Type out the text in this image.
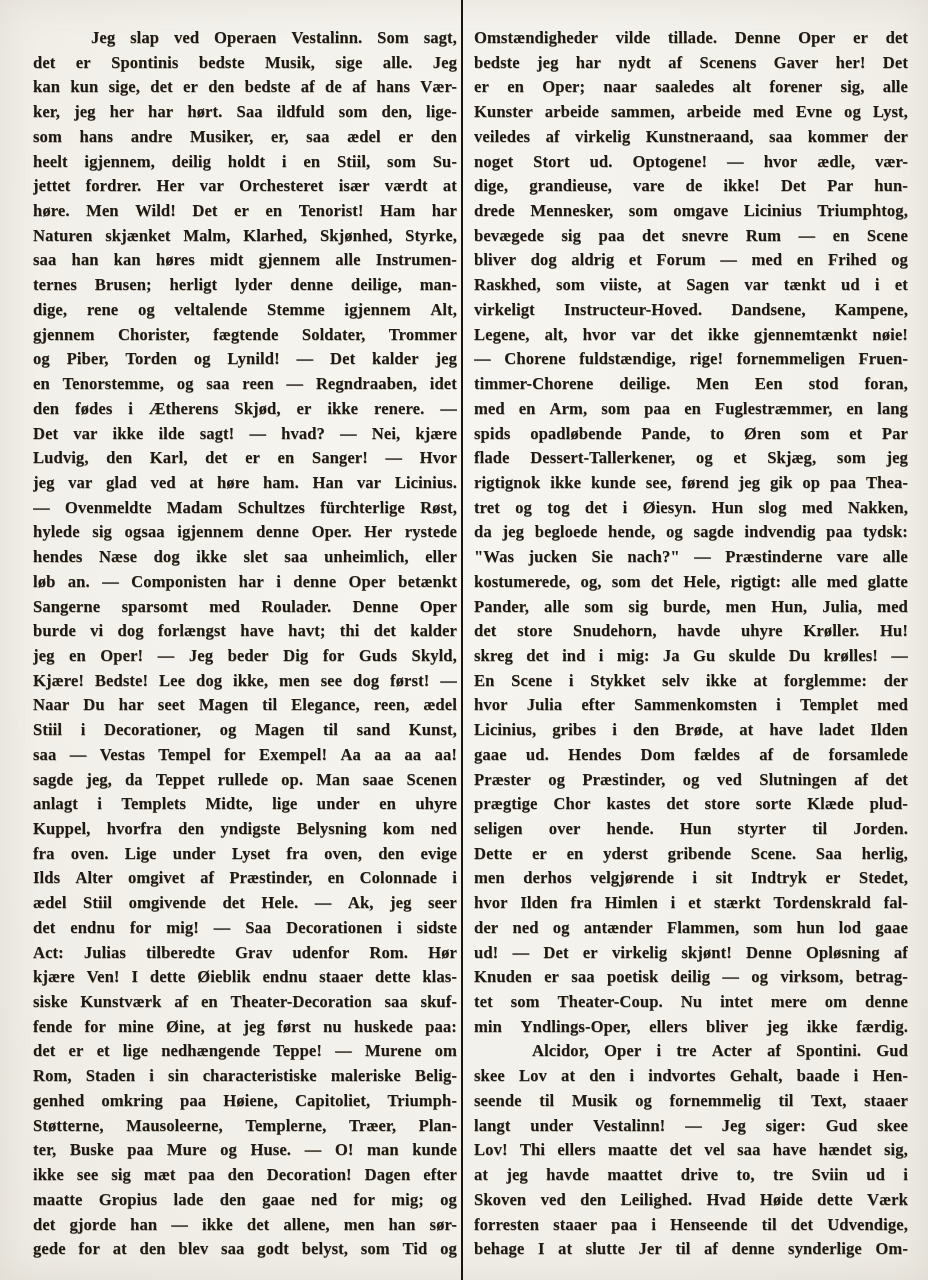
Jeg slap ved Operaen Vestalinn. Som sagt,
det er Spontinis bedste Musik, sige alle. Jeg
kan kun sige, det er den bedste af de af hans Vær-
ker, jeg her har hørt. Saa ildfuld som den, lige-
som hans andre Musiker, er, saa ædel er den
heelt igjennem, deilig holdt i en Stiil, som Su-
jettet fordrer. Her var Orchesteret især værdt at
høre. Men Wild! Det er en Tenorist! Ham har
Naturen skjænket Malm, Klarhed, Skjønhed, Styrke,
saa han kan høres midt gjennem alle Instrumen-
ternes Brusen; herligt lyder denne deilige, man-
dige, rene og veltalende Stemme igjennem Alt,
gjennem Chorister, fægtende Soldater, Trommer
og Piber, Torden og Lynild! — Det kalder jeg
en Tenorstemme, og saa reen — Regndraaben, idet
den fødes i Ætherens Skjød, er ikke renere. —
Det var ikke ilde sagt! — hvad? — Nei, kjære
Ludvig, den Karl, det er en Sanger! — Hvor
jeg var glad ved at høre ham. Han var Licinius.
— Ovenmeldte Madam Schultzes fürchterlige Røst,
hylede sig ogsaa igjennem denne Oper. Her rystede
hendes Næse dog ikke slet saa unheimlich, eller
løb an. — Componisten har i denne Oper betænkt
Sangerne sparsomt med Roulader. Denne Oper
burde vi dog forlængst have havt; thi det kalder
jeg en Oper! — Jeg beder Dig for Guds Skyld,
Kjære! Bedste! Lee dog ikke, men see dog først! —
Naar Du har seet Magen til Elegance, reen, ædel
Stiil i Decorationer, og Magen til sand Kunst,
saa — Vestas Tempel for Exempel! Aa aa aa aa!
sagde jeg, da Teppet rullede op. Man saae Scenen
anlagt i Templets Midte, lige under en uhyre
Kuppel, hvorfra den yndigste Belysning kom ned
fra oven. Lige under Lyset fra oven, den evige
Ilds Alter omgivet af Præstinder, en Colonnade i
ædel Stiil omgivende det Hele. — Ak, jeg seer
det endnu for mig! — Saa Decorationen i sidste
Act: Julias tilberedte Grav udenfor Rom. Hør
kjære Ven! I dette Øieblik endnu staaer dette klas-
siske Kunstværk af en Theater-Decoration saa skuf-
fende for mine Øine, at jeg først nu huskede paa:
det er et lige nedhængende Teppe! — Murene om
Rom, Staden i sin characteristiske maleriske Belig-
genhed omkring paa Høiene, Capitoliet, Triumph-
Støtterne, Mausoleerne, Templerne, Træer, Plan-
ter, Buske paa Mure og Huse. — O! man kunde
ikke see sig mæt paa den Decoration! Dagen efter
maatte Gropius lade den gaae ned for mig; og
det gjorde han — ikke det allene, men han sør-
gede for at den blev saa godt belyst, som Tid og
Omstændigheder vilde tillade. Denne Oper er det
bedste jeg har nydt af Scenens Gaver her! Det
er en Oper; naar saaledes alt forener sig, alle
Kunster arbeide sammen, arbeide med Evne og Lyst,
veiledes af virkelig Kunstneraand, saa kommer der
noget Stort ud. Optogene! — hvor ædle, vær-
dige, grandieuse, vare de ikke! Det Par hun-
drede Mennesker, som omgave Licinius Triumphtog,
bevægede sig paa det snevre Rum — en Scene
bliver dog aldrig et Forum — med en Frihed og
Raskhed, som viiste, at Sagen var tænkt ud i et
virkeligt Instructeur-Hoved. Dandsene, Kampene,
Legene, alt, hvor var det ikke gjennemtænkt nøie!
— Chorene fuldstændige, rige! fornemmeligen Fruen-
timmer-Chorene deilige. Men Een stod foran,
med en Arm, som paa en Fuglestræmmer, en lang
spids opadløbende Pande, to Øren som et Par
flade Dessert-Tallerkener, og et Skjæg, som jeg
rigtignok ikke kunde see, førend jeg gik op paa Thea-
tret og tog det i Øiesyn. Hun slog med Nakken,
da jeg begloede hende, og sagde indvendig paa tydsk:
"Was jucken Sie nach?" — Præstinderne vare alle
kostumerede, og, som det Hele, rigtigt: alle med glatte
Pander, alle som sig burde, men Hun, Julia, med
det store Snudehorn, havde uhyre Krøller. Hu!
skreg det ind i mig: Ja Gu skulde Du krølles! —
En Scene i Stykket selv ikke at forglemme: der
hvor Julia efter Sammenkomsten i Templet med
Licinius, gribes i den Brøde, at have ladet Ilden
gaae ud. Hendes Dom fældes af de forsamlede
Præster og Præstinder, og ved Slutningen af det
prægtige Chor kastes det store sorte Klæde plud-
seligen over hende. Hun styrter til Jorden.
Dette er en yderst gribende Scene. Saa herlig,
men derhos velgjørende i sit Indtryk er Stedet,
hvor Ilden fra Himlen i et stærkt Tordenskrald fal-
der ned og antænder Flammen, som hun lod gaae
ud! — Det er virkelig skjønt! Denne Opløsning af
Knuden er saa poetisk deilig — og virksom, betrag-
tet som Theater-Coup. Nu intet mere om denne
min Yndlings-Oper, ellers bliver jeg ikke færdig.
Alcidor, Oper i tre Acter af Spontini. Gud
skee Lov at den i indvortes Gehalt, baade i Hen-
seende til Musik og fornemmelig til Text, staaer
langt under Vestalinn! — Jeg siger: Gud skee
Lov! Thi ellers maatte det vel saa have hændet sig,
at jeg havde maattet drive to, tre Sviin ud i
Skoven ved den Leilighed. Hvad Høide dette Værk
forresten staaer paa i Henseende til det Udvendige,
behage I at slutte Jer til af denne synderlige Om-
